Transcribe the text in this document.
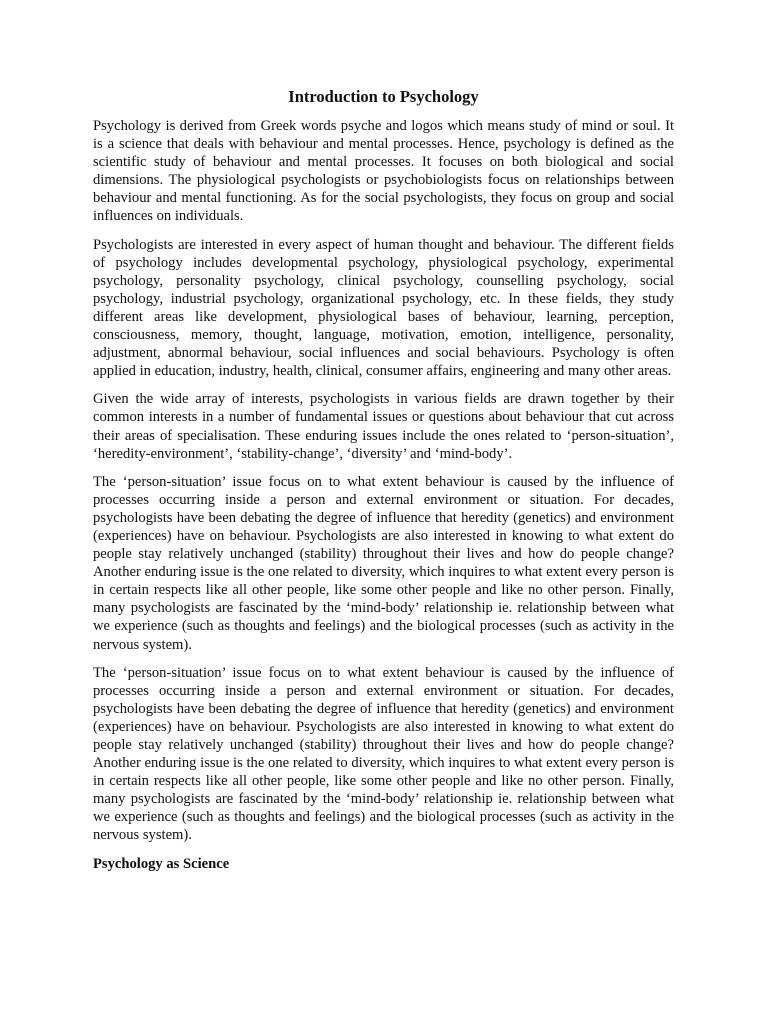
Introduction to Psychology

Psychology is derived from Greek words psyche and logos which means study of mind or soul. It is a science that deals with behaviour and mental processes. Hence, psychology is defined as the scientific study of behaviour and mental processes. It focuses on both biological and social dimensions. The physiological psychologists or psychobiologists focus on relationships between behaviour and mental functioning. As for the social psychologists, they focus on group and social influences on individuals.

Psychologists are interested in every aspect of human thought and behaviour. The different fields of psychology includes developmental psychology, physiological psychology, experimental psychology, personality psychology, clinical psychology, counselling psychology, social psychology, industrial psychology, organizational psychology, etc. In these fields, they study different areas like development, physiological bases of behaviour, learning, perception, consciousness, memory, thought, language, motivation, emotion, intelligence, personality, adjustment, abnormal behaviour, social influences and social behaviours. Psychology is often applied in education, industry, health, clinical, consumer affairs, engineering and many other areas.

Given the wide array of interests, psychologists in various fields are drawn together by their common interests in a number of fundamental issues or questions about behaviour that cut across their areas of specialisation. These enduring issues include the ones related to ‘person-situation’, ‘heredity-environment’, ‘stability-change’, ‘diversity’ and ‘mind-body’.

The ‘person-situation’ issue focus on to what extent behaviour is caused by the influence of processes occurring inside a person and external environment or situation. For decades, psychologists have been debating the degree of influence that heredity (genetics) and environment (experiences) have on behaviour. Psychologists are also interested in knowing to what extent do people stay relatively unchanged (stability) throughout their lives and how do people change? Another enduring issue is the one related to diversity, which inquires to what extent every person is in certain respects like all other people, like some other people and like no other person. Finally, many psychologists are fascinated by the ‘mind-body’ relationship ie. relationship between what we experience (such as thoughts and feelings) and the biological processes (such as activity in the nervous system).

The ‘person-situation’ issue focus on to what extent behaviour is caused by the influence of processes occurring inside a person and external environment or situation. For decades, psychologists have been debating the degree of influence that heredity (genetics) and environment (experiences) have on behaviour. Psychologists are also interested in knowing to what extent do people stay relatively unchanged (stability) throughout their lives and how do people change? Another enduring issue is the one related to diversity, which inquires to what extent every person is in certain respects like all other people, like some other people and like no other person. Finally, many psychologists are fascinated by the ‘mind-body’ relationship ie. relationship between what we experience (such as thoughts and feelings) and the biological processes (such as activity in the nervous system).

Psychology as Science
